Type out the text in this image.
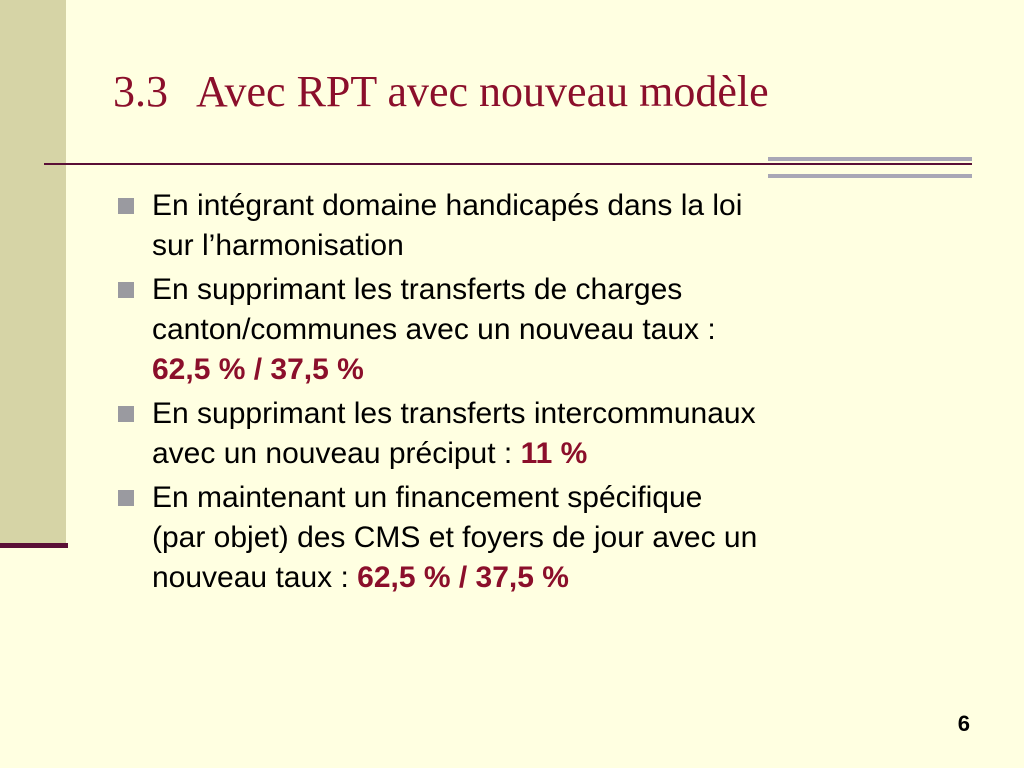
3.3 Avec RPT avec nouveau modèle
En intégrant domaine handicapés dans la loi
sur l’harmonisation
En supprimant les transferts de charges
canton/communes avec un nouveau taux :
62,5 % / 37,5 %
En supprimant les transferts intercommunaux
avec un nouveau préciput : 11 %
En maintenant un financement spécifique
(par objet) des CMS et foyers de jour avec un
nouveau taux : 62,5 % / 37,5 %
6
